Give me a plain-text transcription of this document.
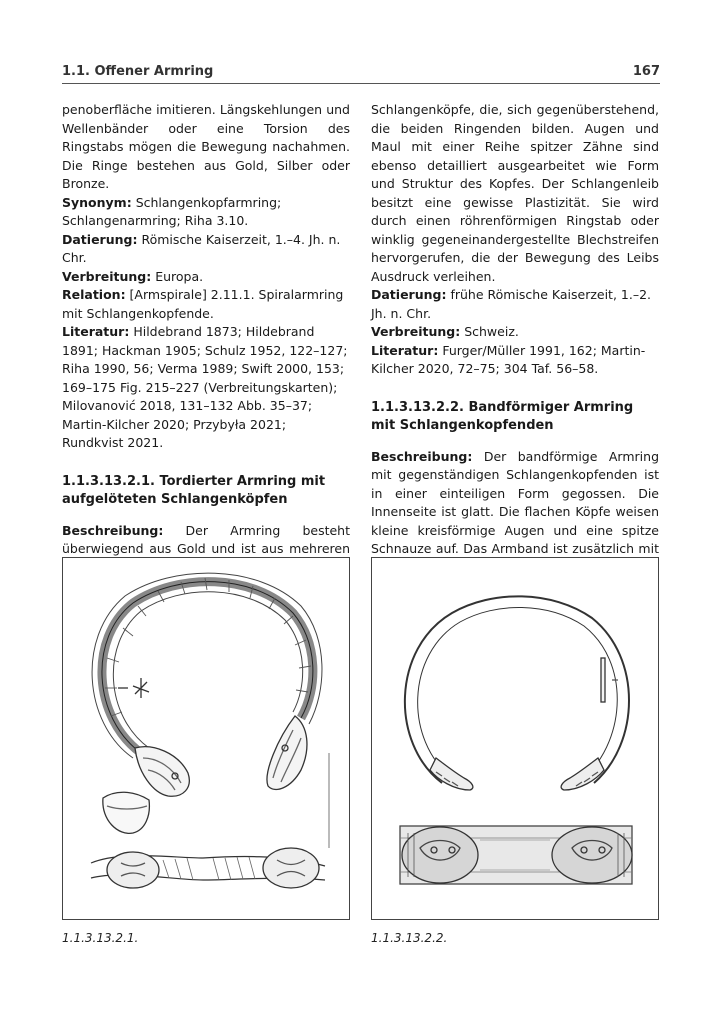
1.1. Offener Armring	167

penoberfläche imitieren. Längskehlungen und Wellenbänder oder eine Torsion des Ringstabs mögen die Bewegung nachahmen. Die Ringe bestehen aus Gold, Silber oder Bronze.

Synonym: Schlangenkopfarmring; Schlangenarmring; Riha 3.10.

Datierung: Römische Kaiserzeit, 1.–4. Jh. n. Chr.

Verbreitung: Europa.

Relation: [Armspirale] 2.11.1. Spiralarmring mit Schlangenkopfende.

Literatur: Hildebrand 1873; Hildebrand 1891; Hackman 1905; Schulz 1952, 122–127; Riha 1990, 56; Verma 1989; Swift 2000, 153; 169–175 Fig. 215–227 (Verbreitungskarten); Milovanović 2018, 131–132 Abb. 35–37; Martin-Kilcher 2020; Przybyła 2021; Rundkvist 2021.

1.1.3.13.2.1. Tordierter Armring mit aufgelöteten Schlangenköpfen

Beschreibung: Der Armring besteht überwiegend aus Gold und ist aus mehreren

Schlangenköpfe, die, sich gegenüberstehend, die beiden Ringenden bilden. Augen und Maul mit einer Reihe spitzer Zähne sind ebenso detailliert ausgearbeitet wie Form und Struktur des Kopfes. Der Schlangenleib besitzt eine gewisse Plastizität. Sie wird durch einen röhrenförmigen Ringstab oder winklig gegeneinandergestellte Blechstreifen hervorgerufen, die der Bewegung des Leibs Ausdruck verleihen.

Datierung: frühe Römische Kaiserzeit, 1.–2. Jh. n. Chr.

Verbreitung: Schweiz.

Literatur: Furger/Müller 1991, 162; Martin-Kilcher 2020, 72–75; 304 Taf. 56–58.

1.1.3.13.2.2. Bandförmiger Armring mit Schlangenkopfenden

Beschreibung: Der bandförmige Armring mit gegenständigen Schlangenkopfenden ist in einer einteiligen Form gegossen. Die Innenseite ist glatt. Die flachen Köpfe weisen kleine kreisförmige Augen und eine spitze Schnauze auf. Das Armband ist zusätzlich mit

1.1.3.13.2.1.	1.1.3.13.2.2.
